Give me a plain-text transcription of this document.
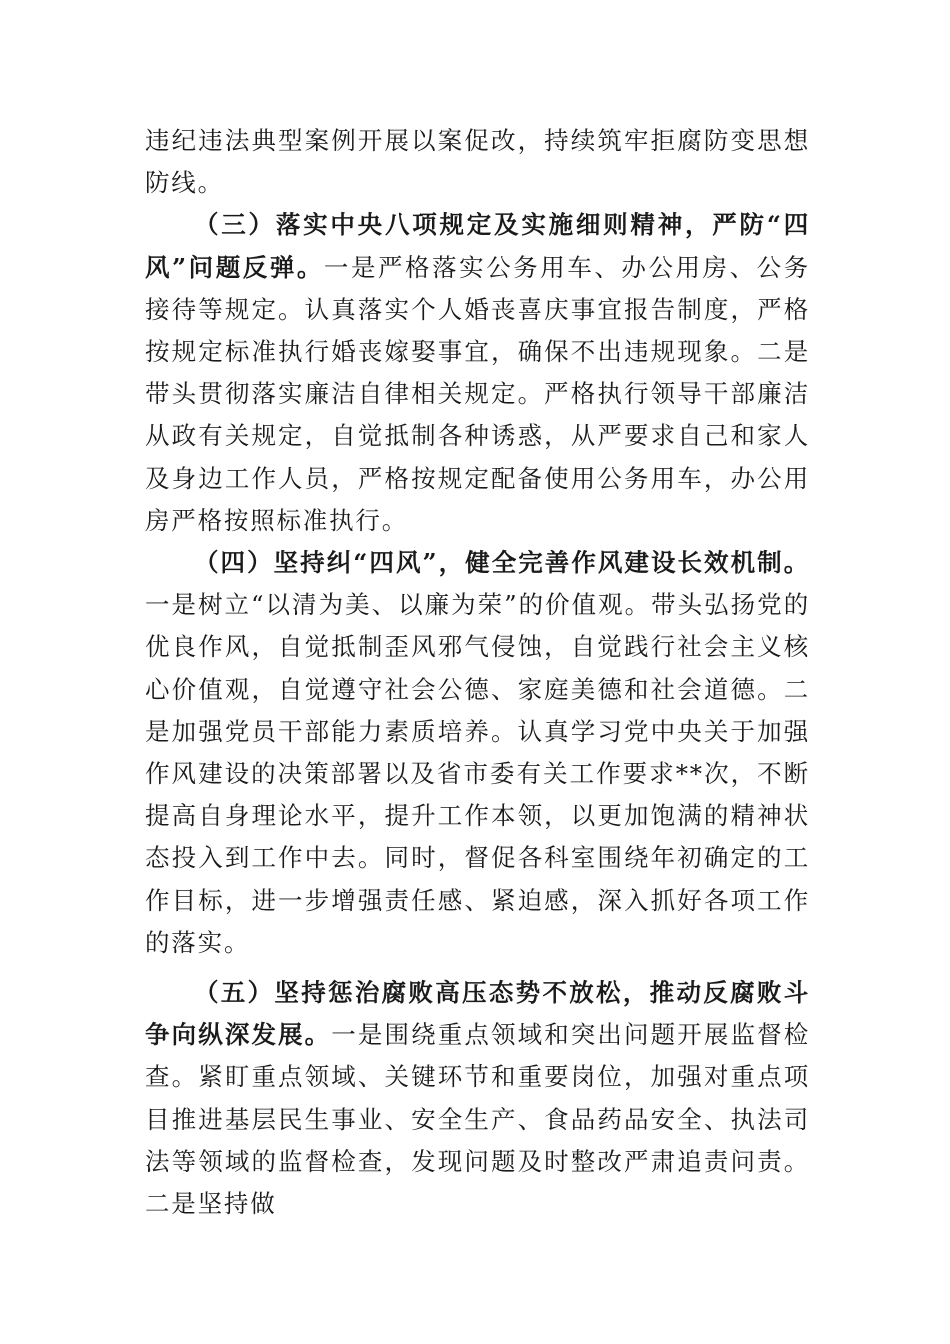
违纪违法典型案例开展以案促改，持续筑牢拒腐防变思想防线。

（三）落实中央八项规定及实施细则精神，严防“四风”问题反弹。一是严格落实公务用车、办公用房、公务接待等规定。认真落实个人婚丧喜庆事宜报告制度，严格按规定标准执行婚丧嫁娶事宜，确保不出违规现象。二是带头贯彻落实廉洁自律相关规定。严格执行领导干部廉洁从政有关规定，自觉抵制各种诱惑，从严要求自己和家人及身边工作人员，严格按规定配备使用公务用车，办公用房严格按照标准执行。

（四）坚持纠“四风”，健全完善作风建设长效机制。一是树立“以清为美、以廉为荣”的价值观。带头弘扬党的优良作风，自觉抵制歪风邪气侵蚀，自觉践行社会主义核心价值观，自觉遵守社会公德、家庭美德和社会道德。二是加强党员干部能力素质培养。认真学习党中央关于加强作风建设的决策部署以及省市委有关工作要求**次，不断提高自身理论水平，提升工作本领，以更加饱满的精神状态投入到工作中去。同时，督促各科室围绕年初确定的工作目标，进一步增强责任感、紧迫感，深入抓好各项工作的落实。

（五）坚持惩治腐败高压态势不放松，推动反腐败斗争向纵深发展。一是围绕重点领域和突出问题开展监督检查。紧盯重点领域、关键环节和重要岗位，加强对重点项目推进基层民生事业、安全生产、食品药品安全、执法司法等领域的监督检查，发现问题及时整改严肃追责问责。二是坚持做
